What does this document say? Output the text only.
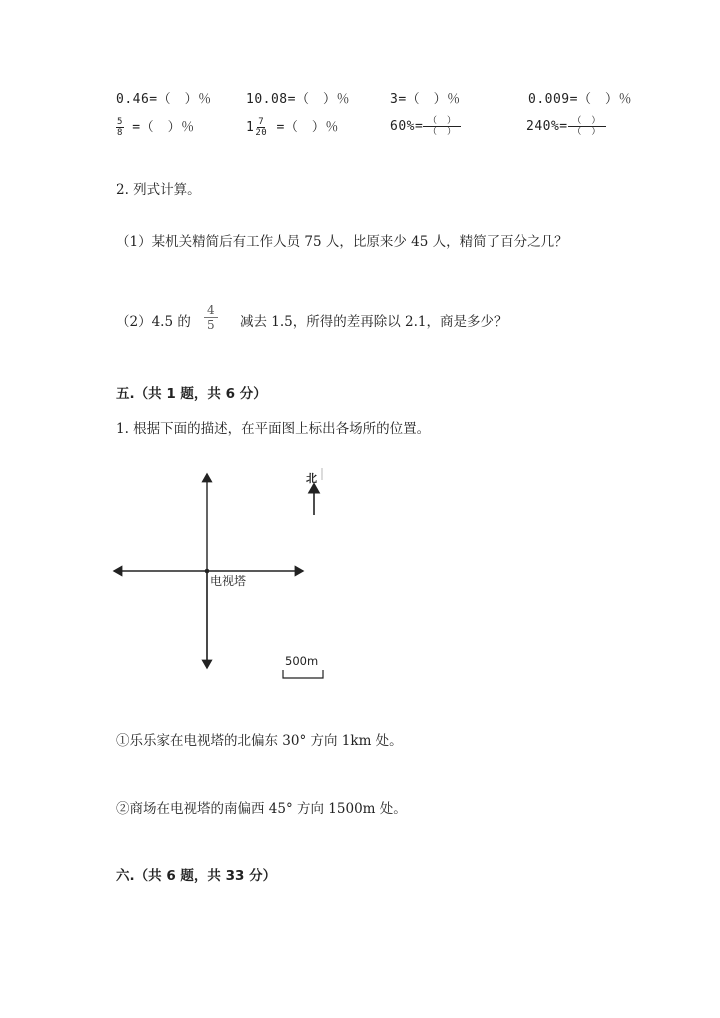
0.46=（　）％	10.08=（　）％	3=（　）％	0.009=（　）％
$\frac{5}{8}$ =（　）％	$1 \frac{7}{20}$ =（　）％	$60\%= \frac{( )}{( )}$	$240\%= \frac{( )}{( )}$
2. 列式计算。
（1）某机关精简后有工作人员 75 人，比原来少 45 人，精简了百分之几？
（2）4.5 的 $\frac{4}{5}$ 减去 1.5，所得的差再除以 2.1，商是多少？
五.（共 1 题，共 6 分）
1. 根据下面的描述，在平面图上标出各场所的位置。
电视塔
北
500m
①乐乐家在电视塔的北偏东 30° 方向 1km 处。
②商场在电视塔的南偏西 45° 方向 1500m 处。
六.（共 6 题，共 33 分）
